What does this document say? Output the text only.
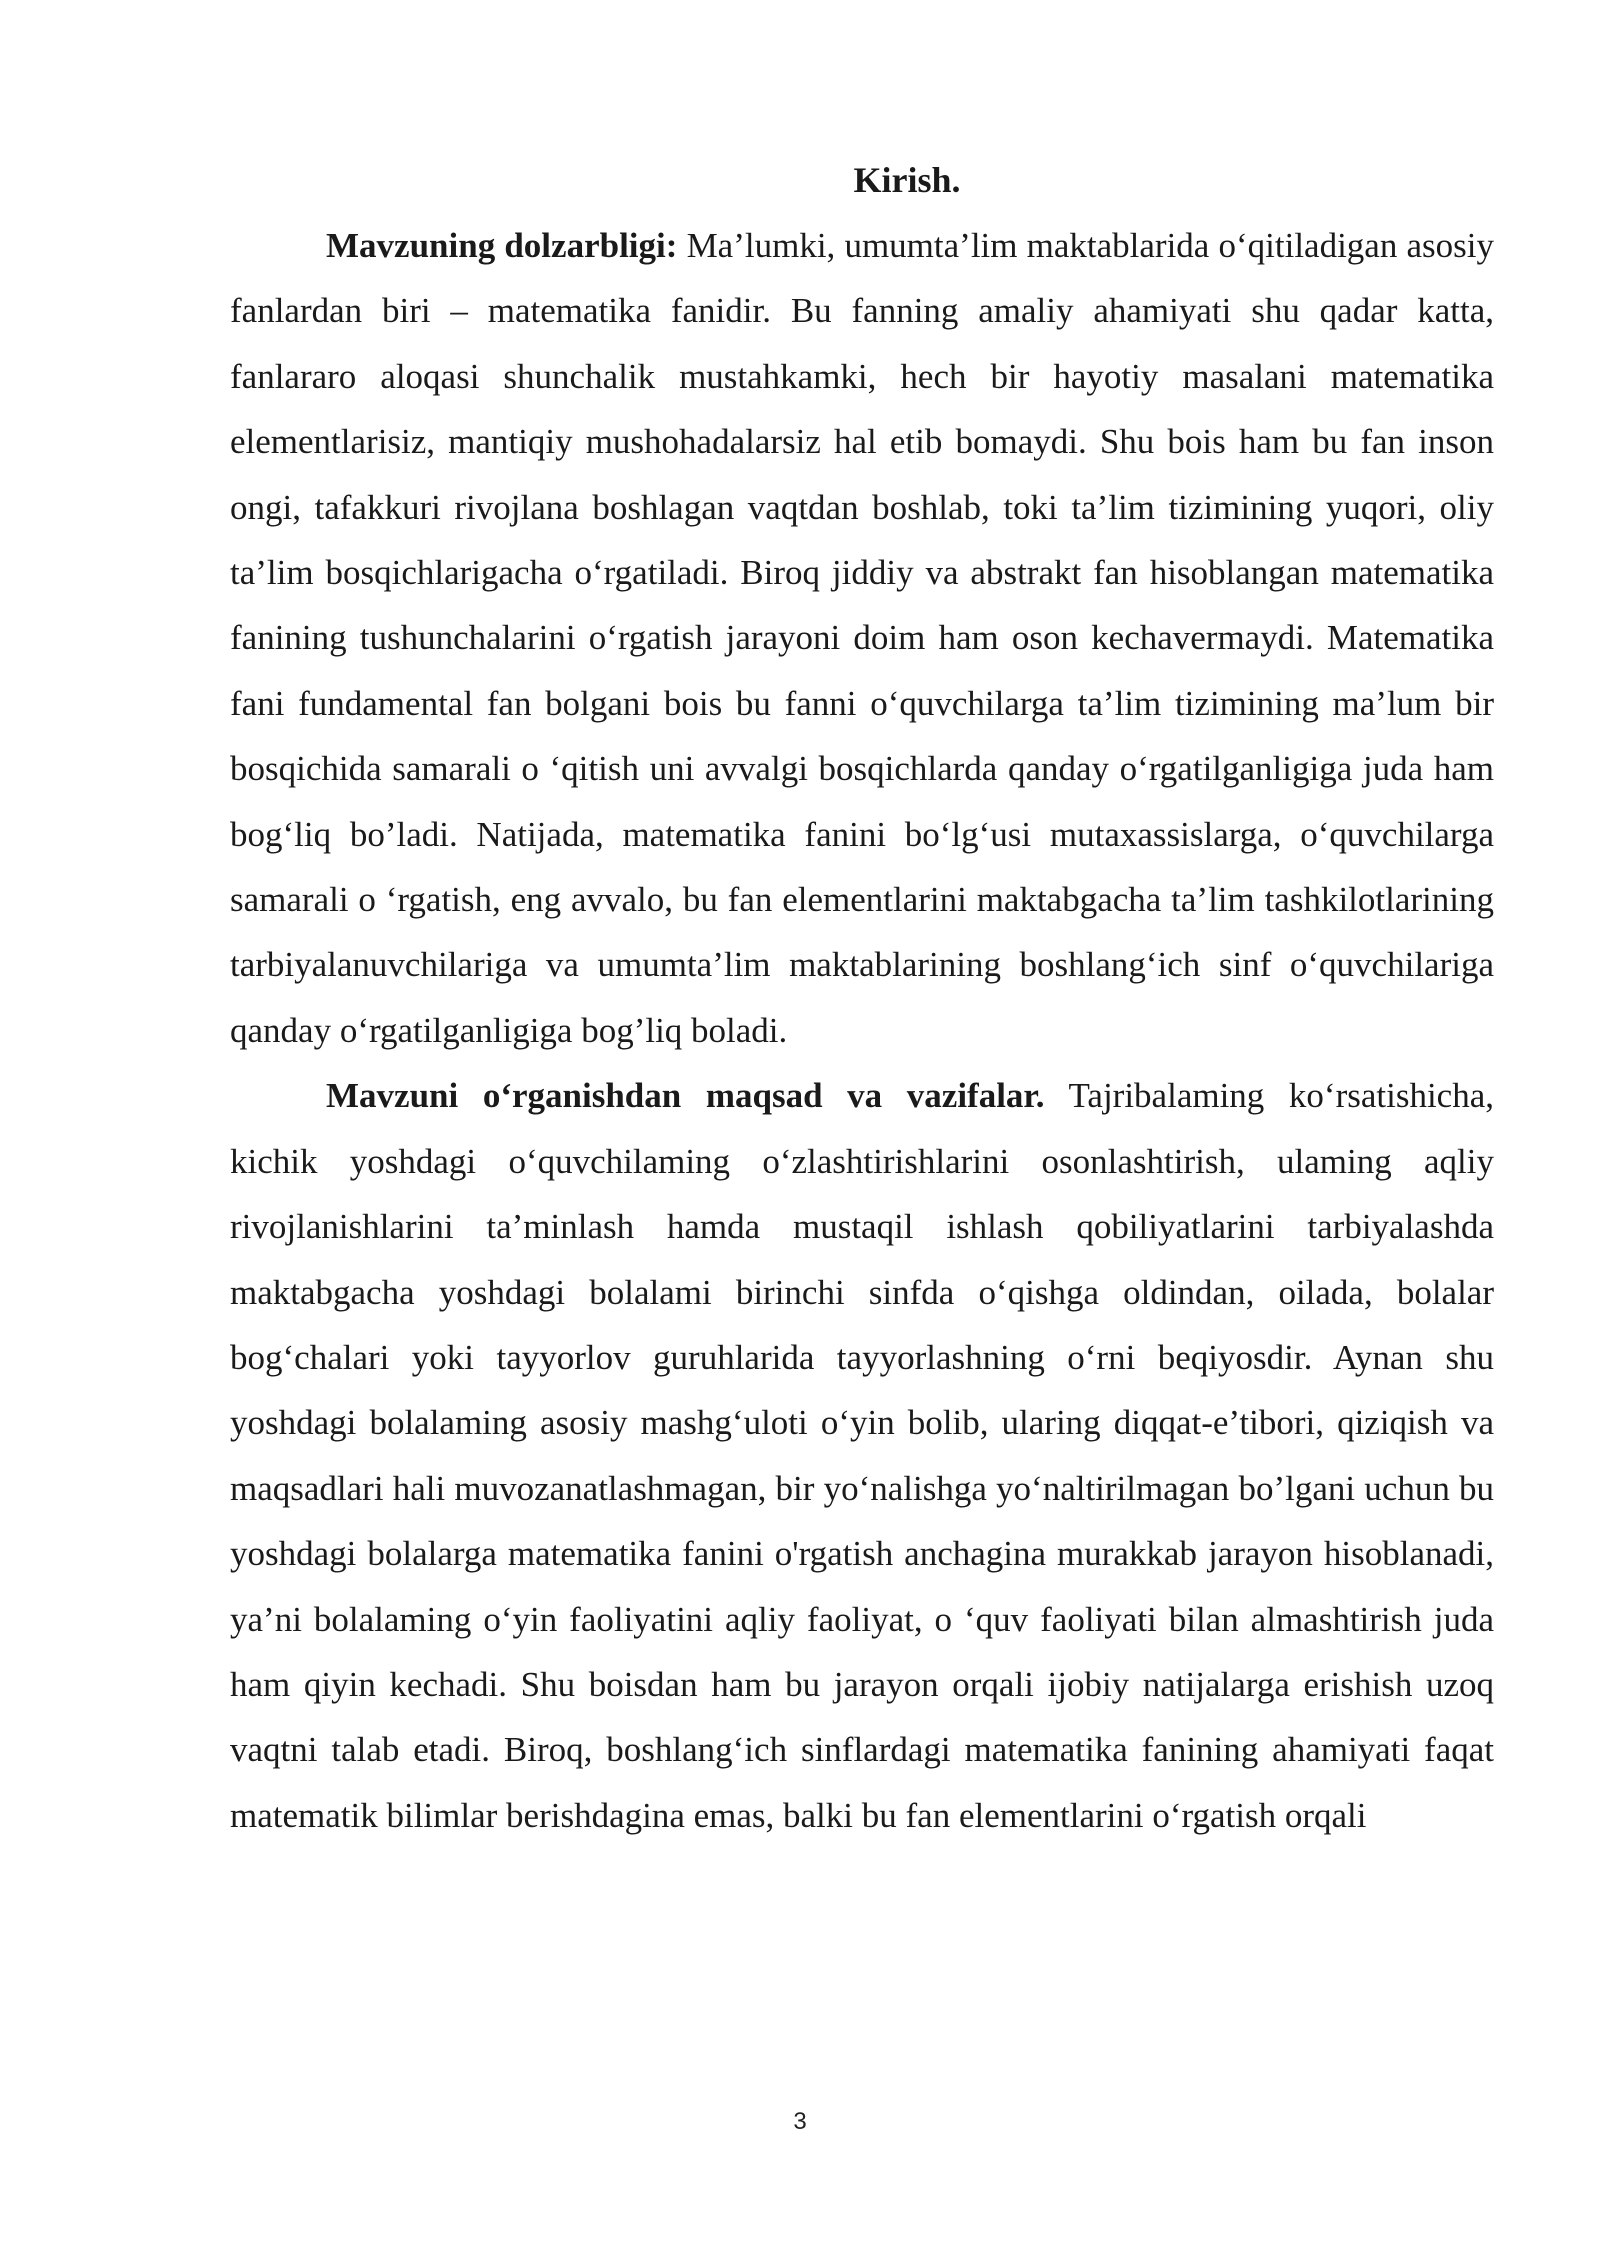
Kirish.

Mavzuning dolzarbligi: Ma’lumki, umumta’lim maktablarida o‘qitiladigan asosiy fanlardan biri – matematika fanidir. Bu fanning amaliy ahamiyati shu qadar katta, fanlararo aloqasi shunchalik mustahkamki, hech bir hayotiy masalani matematika elementlarisiz, mantiqiy mushohadalarsiz hal etib bomaydi. Shu bois ham bu fan inson ongi, tafakkuri rivojlana boshlagan vaqtdan boshlab, toki ta’lim tizimining yuqori, oliy ta’lim bosqichlarigacha o‘rgatiladi. Biroq jiddiy va abstrakt fan hisoblangan matematika fanining tushunchalarini o‘rgatish jarayoni doim ham oson kechavermaydi. Matematika fani fundamental fan bolgani bois bu fanni o‘quvchilarga ta’lim tizimining ma’lum bir bosqichida samarali o ‘qitish uni avvalgi bosqichlarda qanday o‘rgatilganligiga juda ham bog‘liq bo’ladi. Natijada, matematika fanini bo‘lg‘usi mutaxassislarga, o‘quvchilarga samarali o ‘rgatish, eng avvalo, bu fan elementlarini maktabgacha ta’lim tashkilotlarining tarbiyalanuvchilariga va umumta’lim maktablarining boshlang‘ich sinf o‘quvchilariga qanday o‘rgatilganligiga bog’liq boladi.

Mavzuni o‘rganishdan maqsad va vazifalar. Tajribalaming ko‘rsatishicha, kichik yoshdagi o‘quvchilaming o‘zlashtirishlarini osonlashtirish, ulaming aqliy rivojlanishlarini ta’minlash hamda mustaqil ishlash qobiliyatlarini tarbiyalashda maktabgacha yoshdagi bolalami birinchi sinfda o‘qishga oldindan, oilada, bolalar bog‘chalari yoki tayyorlov guruhlarida tayyorlashning o‘rni beqiyosdir. Aynan shu yoshdagi bolalaming asosiy mashg‘uloti o‘yin bolib, ularing diqqat-e’tibori, qiziqish va maqsadlari hali muvozanatlashmagan, bir yo‘nalishga yo‘naltirilmagan bo’lgani uchun bu yoshdagi bolalarga matematika fanini o'rgatish anchagina murakkab jarayon hisoblanadi, ya’ni bolalaming o‘yin faoliyatini aqliy faoliyat, o ‘quv faoliyati bilan almashtirish juda ham qiyin kechadi. Shu boisdan ham bu jarayon orqali ijobiy natijalarga erishish uzoq vaqtni talab etadi. Biroq, boshlang‘ich sinflardagi matematika fanining ahamiyati faqat matematik bilimlar berishdagina emas, balki bu fan elementlarini o‘rgatish orqali

3
